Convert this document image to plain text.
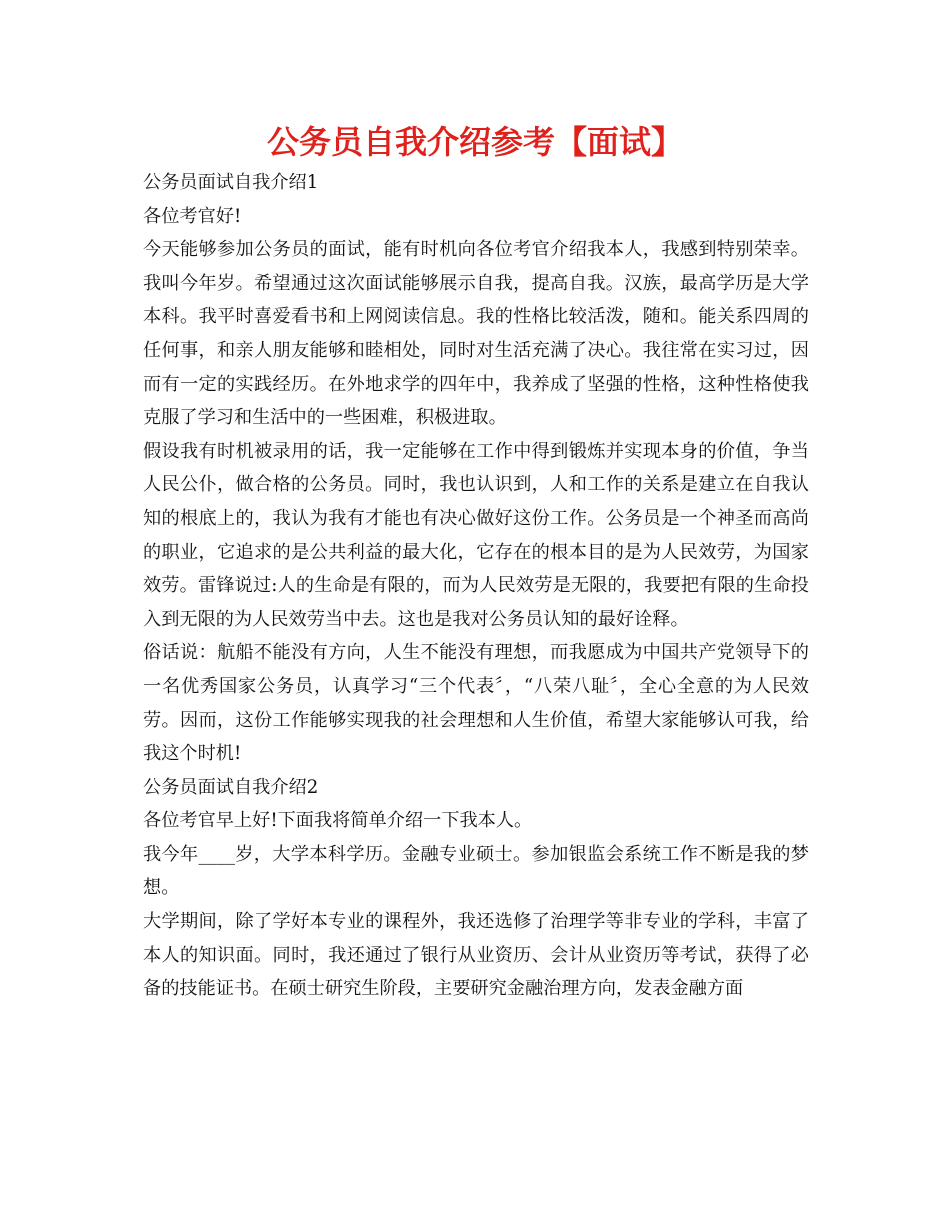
公务员自我介绍参考【面试】

公务员面试自我介绍1

各位考官好!

今天能够参加公务员的面试，能有时机向各位考官介绍我本人，我感到特别荣幸。我叫今年岁。希望通过这次面试能够展示自我，提高自我。汉族，最高学历是大学本科。我平时喜爱看书和上网阅读信息。我的性格比较活泼，随和。能关系四周的任何事，和亲人朋友能够和睦相处，同时对生活充满了决心。我往常在实习过，因而有一定的实践经历。在外地求学的四年中，我养成了坚强的性格，这种性格使我克服了学习和生活中的一些困难，积极进取。

假设我有时机被录用的话，我一定能够在工作中得到锻炼并实现本身的价值，争当人民公仆，做合格的公务员。同时，我也认识到，人和工作的关系是建立在自我认知的根底上的，我认为我有才能也有决心做好这份工作。公务员是一个神圣而高尚的职业，它追求的是公共利益的最大化，它存在的根本目的是为人民效劳，为国家效劳。雷锋说过:人的生命是有限的，而为人民效劳是无限的，我要把有限的生命投入到无限的为人民效劳当中去。这也是我对公务员认知的最好诠释。

俗话说：航船不能没有方向，人生不能没有理想，而我愿成为中国共产党领导下的一名优秀国家公务员，认真学习“三个代表〞，“八荣八耻〞，全心全意的为人民效劳。因而，这份工作能够实现我的社会理想和人生价值，希望大家能够认可我，给我这个时机!

公务员面试自我介绍2

各位考官早上好!下面我将简单介绍一下我本人。

我今年____岁，大学本科学历。金融专业硕士。参加银监会系统工作不断是我的梦想。

大学期间，除了学好本专业的课程外，我还选修了治理学等非专业的学科，丰富了本人的知识面。同时，我还通过了银行从业资历、会计从业资历等考试，获得了必备的技能证书。在硕士研究生阶段，主要研究金融治理方向，发表金融方面
